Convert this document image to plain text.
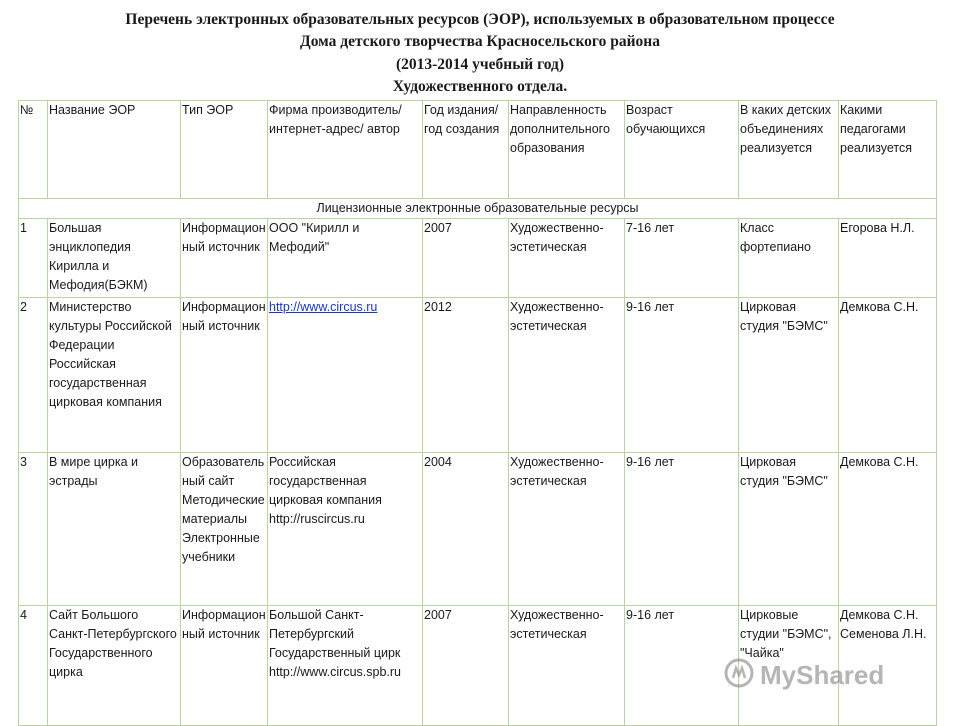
Перечень электронных образовательных ресурсов (ЭОР), используемых в образовательном процессе
Дома детского творчества Красносельского района
(2013-2014 учебный год)
Художественного отдела.
№	Название ЭОР	Тип ЭОР	Фирма производитель/ интернет-адрес/ автор	Год издания/ год создания	Направленность дополнительного образования	Возраст обучающихся	В каких детских объединениях реализуется	Какими педагогами реализуется
Лицензионные электронные образовательные ресурсы								
1	Большая энциклопедия Кирилла и Мефодия(БЭКМ)	Информационный источник	ООО "Кирилл и Мефодий"	2007	Художественно-эстетическая	7-16 лет	Класс фортепиано	Егорова Н.Л.
2	Министерство культуры Российской Федерации Российская государственная цирковая компания	Информационный источник	http://www.circus.ru	2012	Художественно-эстетическая	9-16 лет	Цирковая студия "БЭМС"	Демкова С.Н.
3	В мире цирка и эстрады	Образовательный сайт Методические материалы Электронные учебники	Российская государственная цирковая компания http://ruscircus.ru	2004	Художественно-эстетическая	9-16 лет	Цирковая студия "БЭМС"	Демкова С.Н.
4	Сайт Большого Санкт-Петербургского Государственного цирка	Информационный источник	Большой Санкт-Петербургский Государственный цирк http://www.circus.spb.ru	2007	Художественно-эстетическая	9-16 лет	Цирковые студии "БЭМС", "Чайка"	Демкова С.Н. Семенова Л.Н.
MyShared
